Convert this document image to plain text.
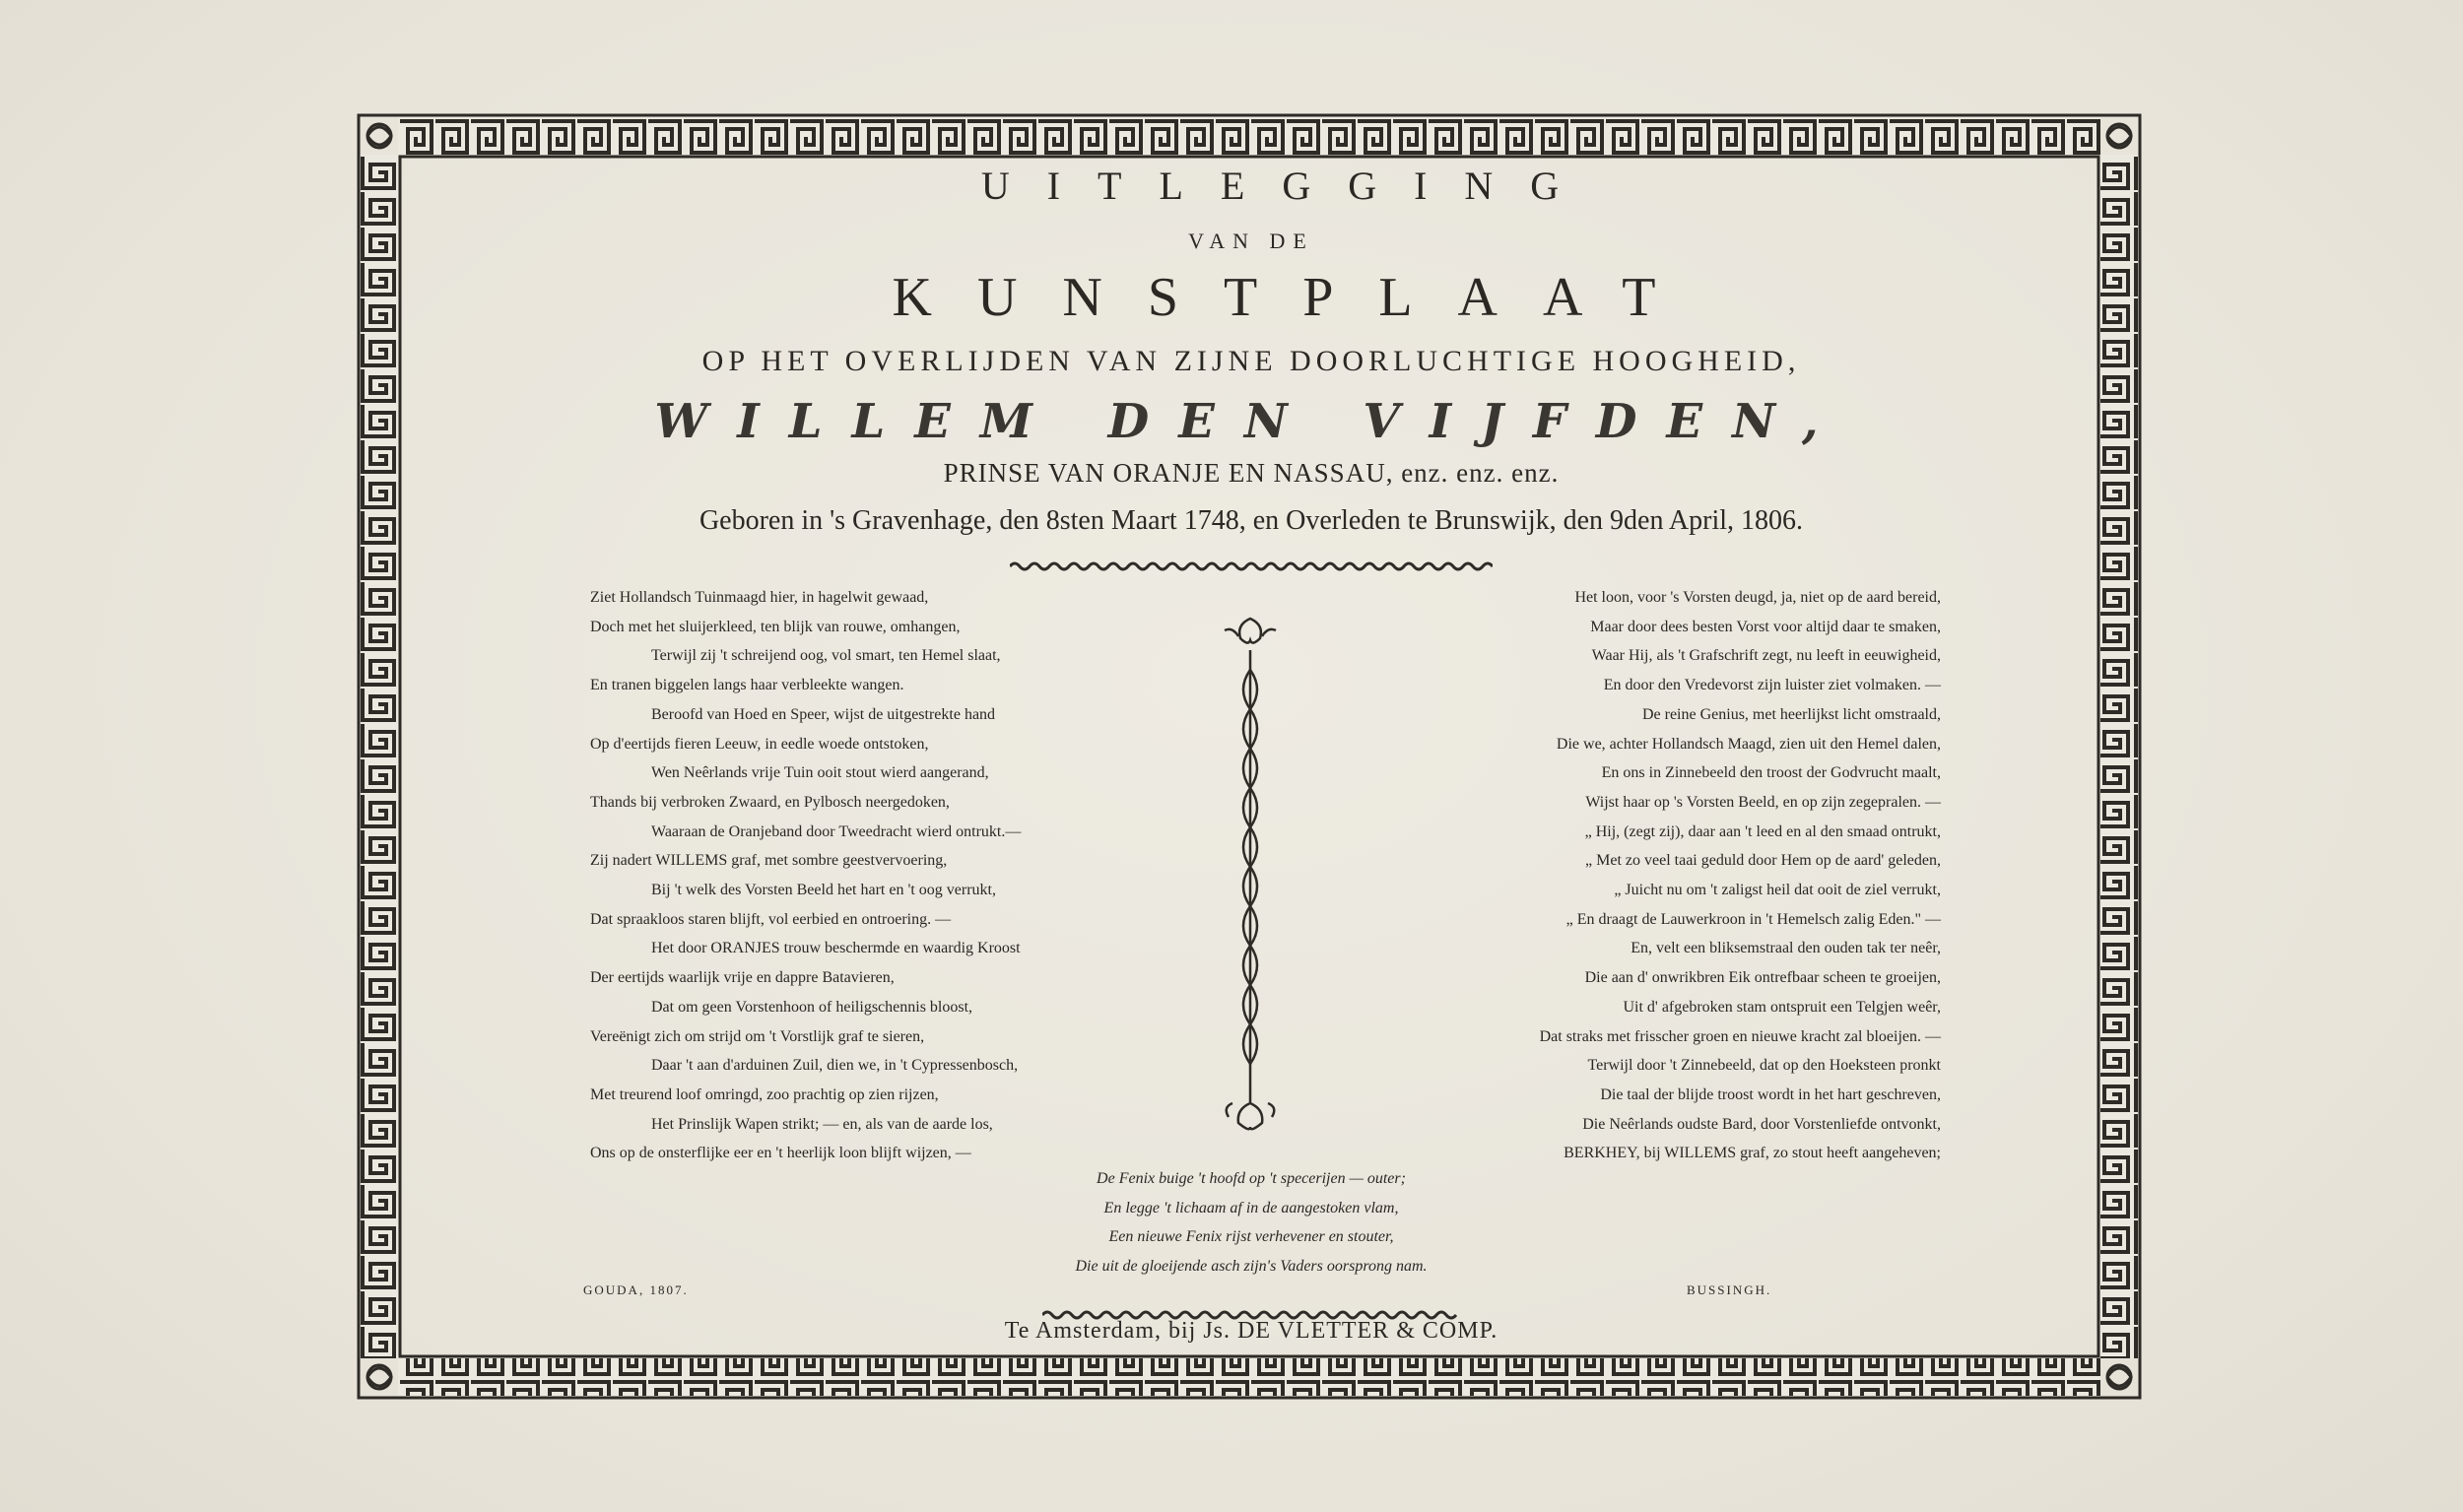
UITLEGGING
VAN DE
KUNSTPLAAT
OP HET OVERLIJDEN VAN ZIJNE DOORLUCHTIGE HOOGHEID,
WILLEM DEN VIJFDEN,
PRINSE VAN ORANJE EN NASSAU, enz. enz. enz.
Geboren in 's Gravenhage, den 8sten Maart 1748, en Overleden te Brunswijk, den 9den April, 1806.
Ziet Hollandsch Tuinmaagd hier, in hagelwit gewaad,
Doch met het sluijerkleed, ten blijk van rouwe, omhangen,
Terwijl zij 't schreijend oog, vol smart, ten Hemel slaat,
En tranen biggelen langs haar verbleekte wangen.
Beroofd van Hoed en Speer, wijst de uitgestrekte hand
Op d'eertijds fieren Leeuw, in eedle woede ontstoken,
Wen Neêrlands vrije Tuin ooit stout wierd aangerand,
Thands bij verbroken Zwaard, en Pylbosch neergedoken,
Waaraan de Oranjeband door Tweedracht wierd ontrukt.—
Zij nadert WILLEMS graf, met sombre geestvervoering,
Bij 't welk des Vorsten Beeld het hart en 't oog verrukt,
Dat spraakloos staren blijft, vol eerbied en ontroering. —
Het door ORANJES trouw beschermde en waardig Kroost
Der eertijds waarlijk vrije en dappre Batavieren,
Dat om geen Vorstenhoon of heiligschennis bloost,
Vereënigt zich om strijd om 't Vorstlijk graf te sieren,
Daar 't aan d'arduinen Zuil, dien we, in 't Cypressenbosch,
Met treurend loof omringd, zoo prachtig op zien rijzen,
Het Prinslijk Wapen strikt; — en, als van de aarde los,
Ons op de onsterflijke eer en 't heerlijk loon blijft wijzen, —
Het loon, voor 's Vorsten deugd, ja, niet op de aard bereid,
Maar door dees besten Vorst voor altijd daar te smaken,
Waar Hij, als 't Grafschrift zegt, nu leeft in eeuwigheid,
En door den Vredevorst zijn luister ziet volmaken. —
De reine Genius, met heerlijkst licht omstraald,
Die we, achter Hollandsch Maagd, zien uit den Hemel dalen,
En ons in Zinnebeeld den troost der Godvrucht maalt,
Wijst haar op 's Vorsten Beeld, en op zijn zegepralen. —
„ Hij, (zegt zij), daar aan 't leed en al den smaad ontrukt,
„ Met zo veel taai geduld door Hem op de aard' geleden,
„ Juicht nu om 't zaligst heil dat ooit de ziel verrukt,
„ En draagt de Lauwerkroon in 't Hemelsch zalig Eden." —
En, velt een bliksemstraal den ouden tak ter neêr,
Die aan d' onwrikbren Eik ontrefbaar scheen te groeijen,
Uit d' afgebroken stam ontspruit een Telgjen weêr,
Dat straks met frisscher groen en nieuwe kracht zal bloeijen. —
Terwijl door 't Zinnebeeld, dat op den Hoeksteen pronkt
Die taal der blijde troost wordt in het hart geschreven,
Die Neêrlands oudste Bard, door Vorstenliefde ontvonkt,
BERKHEY, bij WILLEMS graf, zo stout heeft aangeheven;
De Fenix buige 't hoofd op 't specerijen — outer;
En legge 't lichaam af in de aangestoken vlam,
Een nieuwe Fenix rijst verhevener en stouter,
Die uit de gloeijende asch zijn's Vaders oorsprong nam.
GOUDA, 1807.	BUSSINGH.
Te Amsterdam, bij Js. DE VLETTER & COMP.
